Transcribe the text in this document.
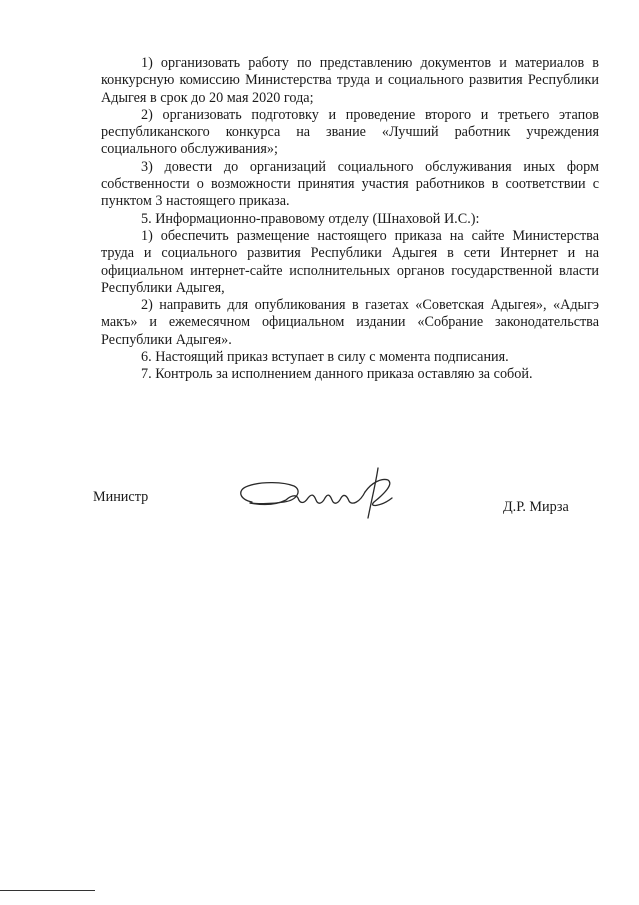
1) организовать работу по представлению документов и материалов в конкурсную комиссию Министерства труда и социального развития Республики Адыгея в срок до 20 мая 2020 года;

2) организовать подготовку и проведение второго и третьего этапов республиканского конкурса на звание «Лучший работник учреждения социального обслуживания»;

3) довести до организаций социального обслуживания иных форм собственности о возможности принятия участия работников в соответствии с пунктом 3 настоящего приказа.

5. Информационно-правовому отделу (Шнаховой И.С.):

1) обеспечить размещение настоящего приказа на сайте Министерства труда и социального развития Республики Адыгея в сети Интернет и на официальном интернет-сайте исполнительных органов государственной власти Республики Адыгея,

2) направить для опубликования в газетах «Советская Адыгея», «Адыгэ макъ» и ежемесячном официальном издании «Собрание законодательства Республики Адыгея».

6. Настоящий приказ вступает в силу с момента подписания.

7. Контроль за исполнением данного приказа оставляю за собой.

Министр
Д.Р. Мирза
